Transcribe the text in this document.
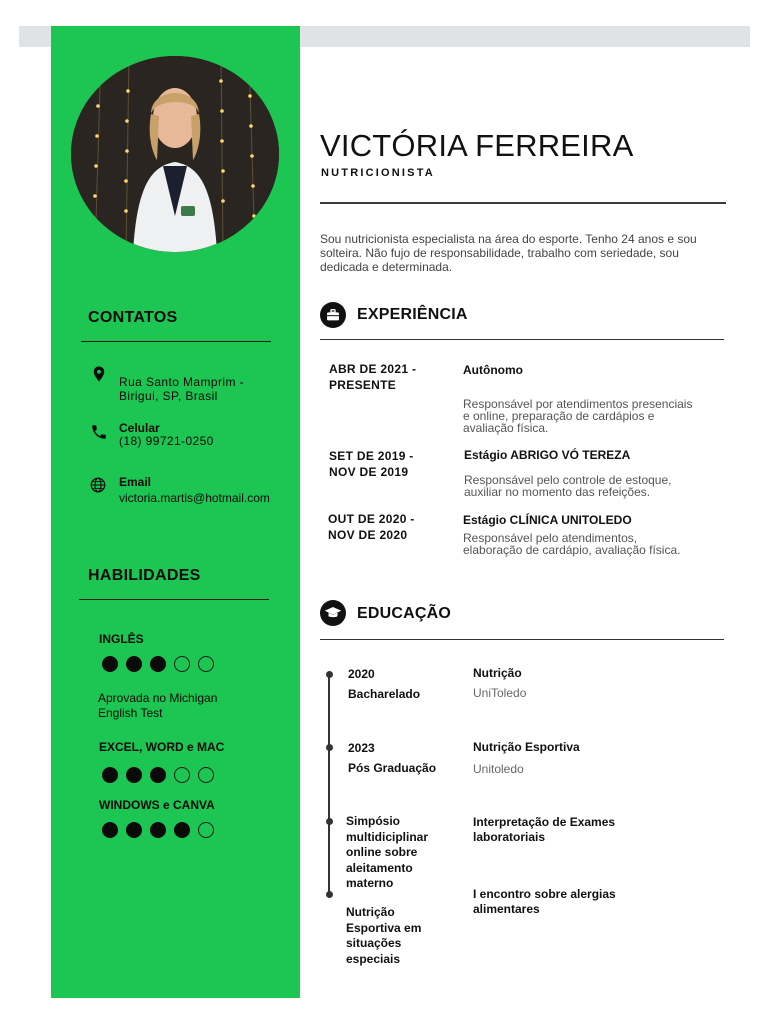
CONTATOS
Rua Santo Mamprim -Birigui, SP, Brasil
Celular
(18) 99721-0250
Email
victoria.martis@hotmail.com
HABILIDADES
INGLÊS
Aprovada no Michigan English Test
EXCEL, WORD e MAC
WINDOWS e CANVA
VICTÓRIA FERREIRA
NUTRICIONISTA
Sou nutricionista especialista na área do esporte. Tenho 24 anos e sou solteira. Não fujo de responsabilidade, trabalho com seriedade, sou dedicada e determinada.
EXPERIÊNCIA
ABR DE 2021 - PRESENTE
Autônomo
Responsável por atendimentos presenciais e online, preparação de cardápios e avaliação física.
SET DE 2019 - NOV DE 2019
Estágio ABRIGO VÓ TEREZA
Responsável pelo controle de estoque, auxiliar no momento das refeições.
OUT DE 2020 - NOV DE 2020
Estágio CLÍNICA UNITOLEDO
Responsável pelo atendimentos, elaboração de cardápio, avaliação física.
EDUCAÇÃO
2020
Bacharelado
Nutrição
UniToledo
2023
Pós Graduação
Nutrição Esportiva
Unitoledo
Simpósio multidiciplinar online sobre aleitamento materno
Interpretação de Exames laboratoriais
Nutrição Esportiva em situações especiais
I encontro sobre alergias alimentares
